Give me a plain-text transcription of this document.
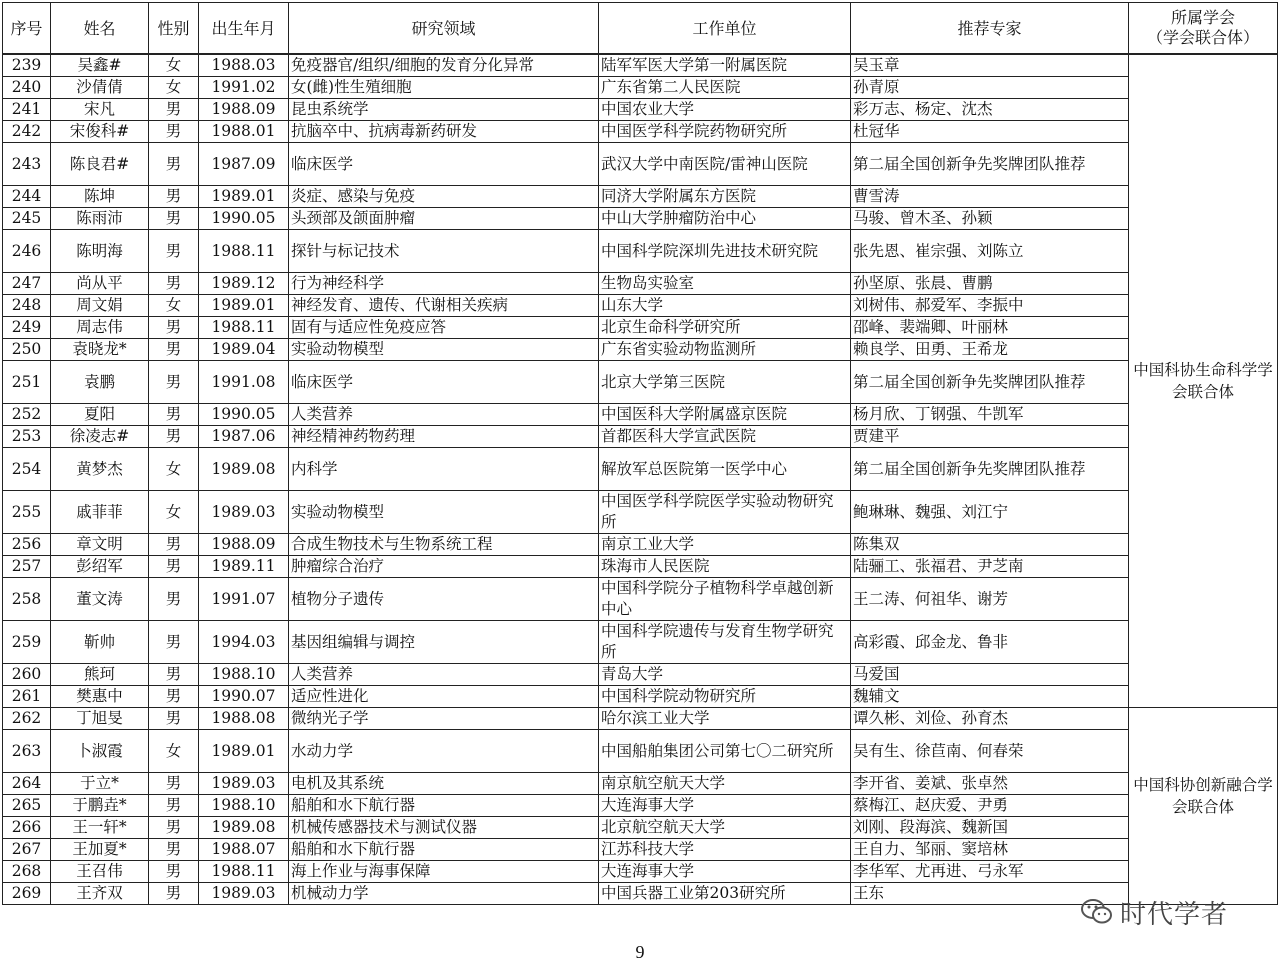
序号	姓名	性别	出生年月	研究领域	工作单位	推荐专家	所属学会
（学会联合体）
239	吴鑫#	女	1988.03	免疫器官/组织/细胞的发育分化异常	陆军军医大学第一附属医院	吴玉章	中国科协生命科学学会联合体
240	沙倩倩	女	1991.02	女(雌)性生殖细胞	广东省第二人民医院	孙青原	
241	宋凡	男	1988.09	昆虫系统学	中国农业大学	彩万志、杨定、沈杰	
242	宋俊科#	男	1988.01	抗脑卒中、抗病毒新药研发	中国医学科学院药物研究所	杜冠华	
243	陈良君#	男	1987.09	临床医学	武汉大学中南医院/雷神山医院	第二届全国创新争先奖牌团队推荐	
244	陈坤	男	1989.01	炎症、感染与免疫	同济大学附属东方医院	曹雪涛	
245	陈雨沛	男	1990.05	头颈部及颌面肿瘤	中山大学肿瘤防治中心	马骏、曾木圣、孙颖	
246	陈明海	男	1988.11	探针与标记技术	中国科学院深圳先进技术研究院	张先恩、崔宗强、刘陈立	
247	尚从平	男	1989.12	行为神经科学	生物岛实验室	孙坚原、张晨、曹鹏	
248	周文娟	女	1989.01	神经发育、遗传、代谢相关疾病	山东大学	刘树伟、郝爱军、李振中	
249	周志伟	男	1988.11	固有与适应性免疫应答	北京生命科学研究所	邵峰、裴端卿、叶丽林	
250	袁晓龙*	男	1989.04	实验动物模型	广东省实验动物监测所	赖良学、田勇、王希龙	
251	袁鹏	男	1991.08	临床医学	北京大学第三医院	第二届全国创新争先奖牌团队推荐	
252	夏阳	男	1990.05	人类营养	中国医科大学附属盛京医院	杨月欣、丁钢强、牛凯军	
253	徐凌志#	男	1987.06	神经精神药物药理	首都医科大学宣武医院	贾建平	
254	黄梦杰	女	1989.08	内科学	解放军总医院第一医学中心	第二届全国创新争先奖牌团队推荐	
255	戚菲菲	女	1989.03	实验动物模型	中国医学科学院医学实验动物研究所	鲍琳琳、魏强、刘江宁	
256	章文明	男	1988.09	合成生物技术与生物系统工程	南京工业大学	陈集双	
257	彭绍军	男	1989.11	肿瘤综合治疗	珠海市人民医院	陆骊工、张福君、尹芝南	
258	董文涛	男	1991.07	植物分子遗传	中国科学院分子植物科学卓越创新中心	王二涛、何祖华、谢芳	
259	靳帅	男	1994.03	基因组编辑与调控	中国科学院遗传与发育生物学研究所	高彩霞、邱金龙、鲁非	
260	熊珂	男	1988.10	人类营养	青岛大学	马爱国	
261	樊惠中	男	1990.07	适应性进化	中国科学院动物研究所	魏辅文	
262	丁旭旻	男	1988.08	微纳光子学	哈尔滨工业大学	谭久彬、刘俭、孙育杰	中国科协创新融合学会联合体
263	卜淑霞	女	1989.01	水动力学	中国船舶集团公司第七〇二研究所	吴有生、徐苣南、何春荣	
264	于立*	男	1989.03	电机及其系统	南京航空航天大学	李开省、姜斌、张卓然	
265	于鹏垚*	男	1988.10	船舶和水下航行器	大连海事大学	蔡梅江、赵庆爱、尹勇	
266	王一轩*	男	1989.08	机械传感器技术与测试仪器	北京航空航天大学	刘刚、段海滨、魏新国	
267	王加夏*	男	1988.07	船舶和水下航行器	江苏科技大学	王自力、邹丽、窦培林	
268	王召伟	男	1988.11	海上作业与海事保障	大连海事大学	李华军、尤再进、弓永军	
269	王齐双	男	1989.03	机械动力学	中国兵器工业第203研究所	王东	
9
时代学者
